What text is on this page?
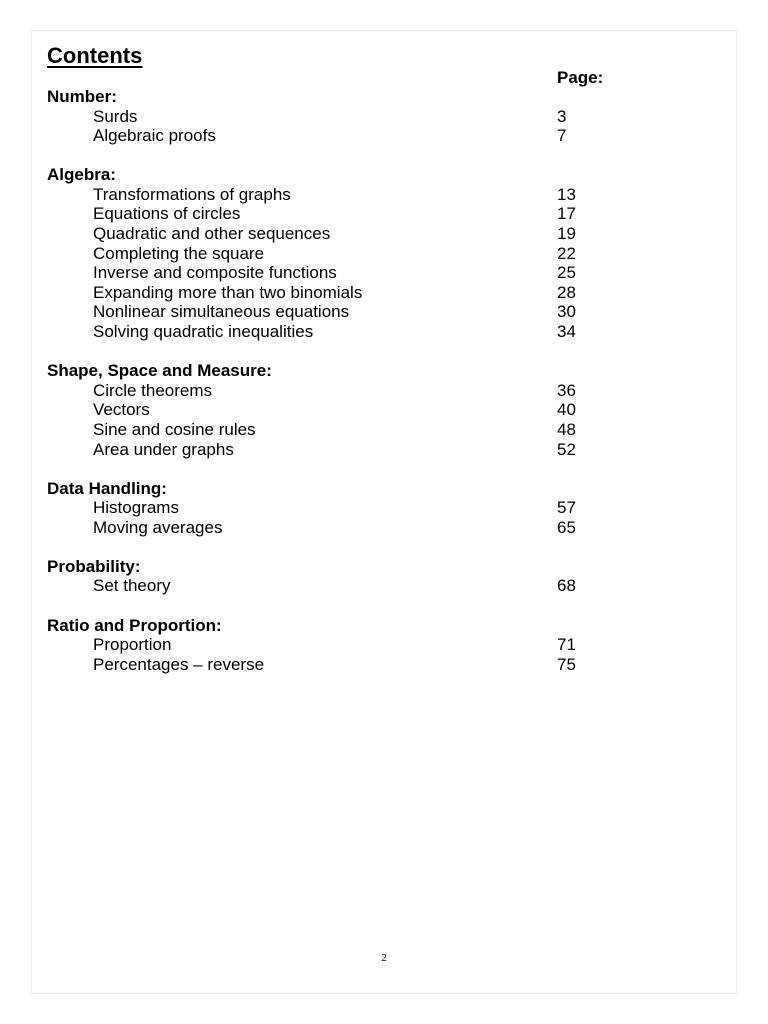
Contents
Page:
Number:
Surds	3
Algebraic proofs	7
Algebra:
Transformations of graphs	13
Equations of circles	17
Quadratic and other sequences	19
Completing the square	22
Inverse and composite functions	25
Expanding more than two binomials	28
Nonlinear simultaneous equations	30
Solving quadratic inequalities	34
Shape, Space and Measure:
Circle theorems	36
Vectors	40
Sine and cosine rules	48
Area under graphs	52
Data Handling:
Histograms	57
Moving averages	65
Probability:
Set theory	68
Ratio and Proportion:
Proportion	71
Percentages – reverse	75
2
